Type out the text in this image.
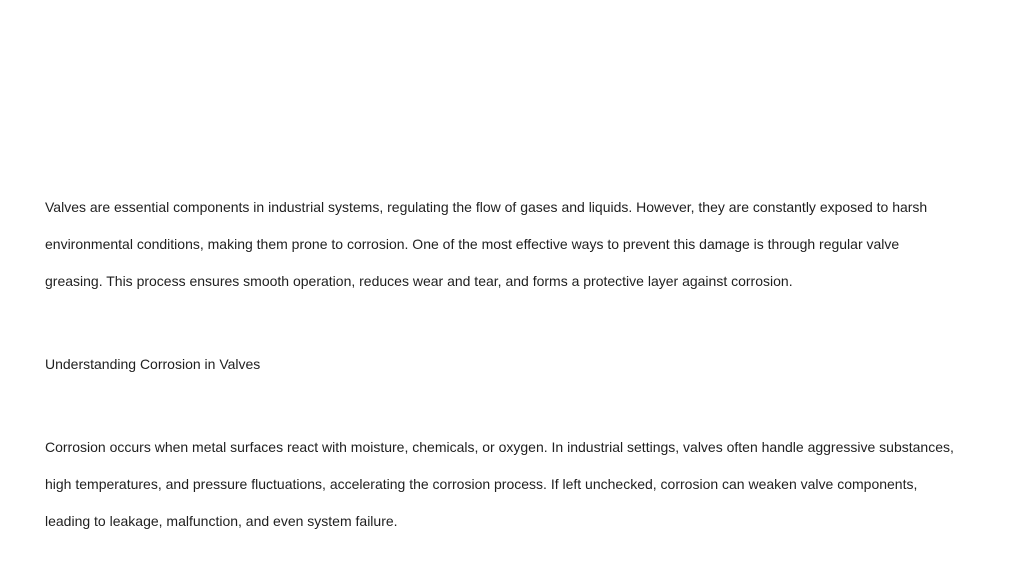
Valves are essential components in industrial systems, regulating the flow of gases and liquids. However, they are constantly exposed to harsh
environmental conditions, making them prone to corrosion. One of the most effective ways to prevent this damage is through regular valve
greasing. This process ensures smooth operation, reduces wear and tear, and forms a protective layer against corrosion.

Understanding Corrosion in Valves

Corrosion occurs when metal surfaces react with moisture, chemicals, or oxygen. In industrial settings, valves often handle aggressive substances,
high temperatures, and pressure fluctuations, accelerating the corrosion process. If left unchecked, corrosion can weaken valve components,
leading to leakage, malfunction, and even system failure.
